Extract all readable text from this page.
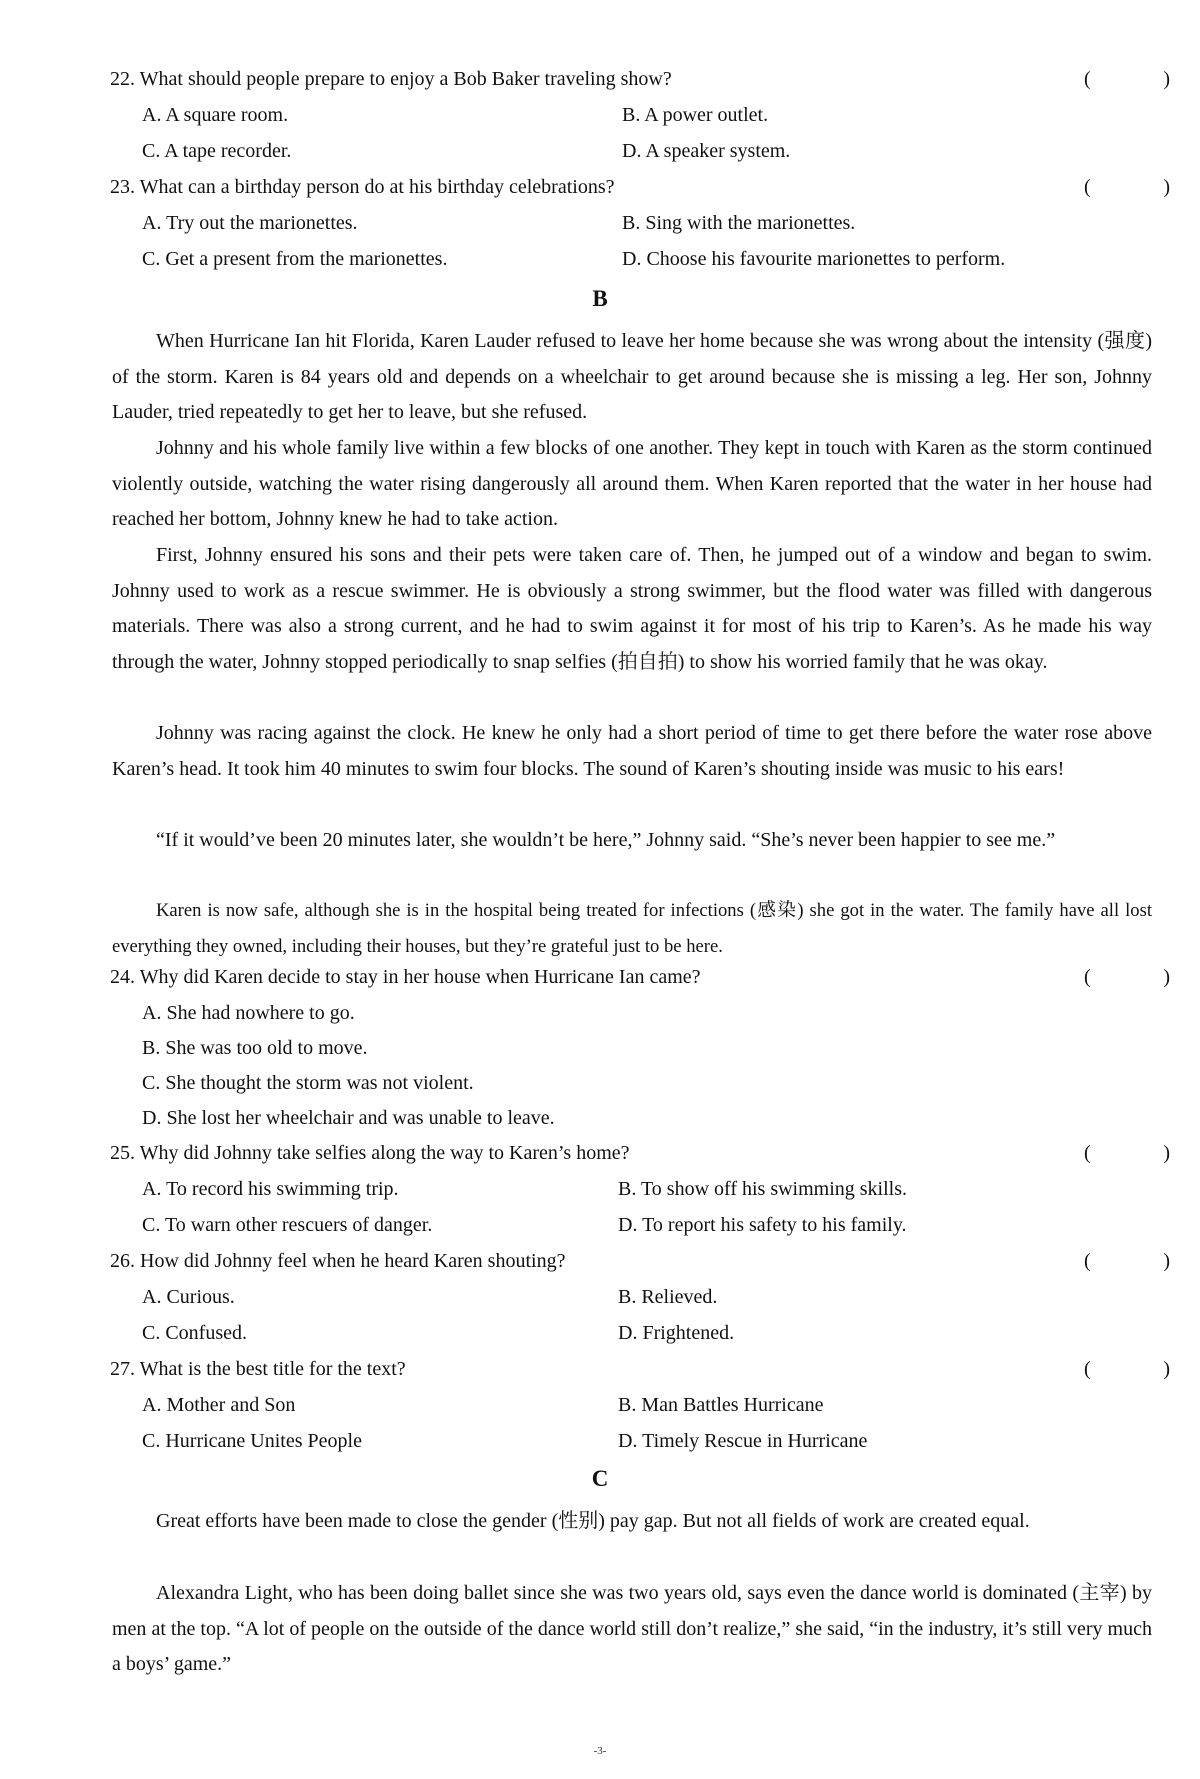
22. What should people prepare to enjoy a Bob Baker traveling show?	(	)
A. A square room.	B. A power outlet.
C. A tape recorder.	D. A speaker system.
23. What can a birthday person do at his birthday celebrations?	(	)
A. Try out the marionettes.	B. Sing with the marionettes.
C. Get a present from the marionettes.	D. Choose his favourite marionettes to perform.
B

When Hurricane Ian hit Florida, Karen Lauder refused to leave her home because she was wrong about the intensity (强度) of the storm. Karen is 84 years old and depends on a wheelchair to get around because she is missing a leg. Her son, Johnny Lauder, tried repeatedly to get her to leave, but she refused.

Johnny and his whole family live within a few blocks of one another. They kept in touch with Karen as the storm continued violently outside, watching the water rising dangerously all around them. When Karen reported that the water in her house had reached her bottom, Johnny knew he had to take action.

First, Johnny ensured his sons and their pets were taken care of. Then, he jumped out of a window and began to swim. Johnny used to work as a rescue swimmer. He is obviously a strong swimmer, but the flood water was filled with dangerous materials. There was also a strong current, and he had to swim against it for most of his trip to Karen’s. As he made his way through the water, Johnny stopped periodically to snap selfies (拍自拍) to show his worried family that he was okay.

Johnny was racing against the clock. He knew he only had a short period of time to get there before the water rose above Karen’s head. It took him 40 minutes to swim four blocks. The sound of Karen’s shouting inside was music to his ears!

“If it would’ve been 20 minutes later, she wouldn’t be here,” Johnny said. “She’s never been happier to see me.”

Karen is now safe, although she is in the hospital being treated for infections (感染) she got in the water. The family have all lost everything they owned, including their houses, but they’re grateful just to be here.

24. Why did Karen decide to stay in her house when Hurricane Ian came?	(	)
A. She had nowhere to go.
B. She was too old to move.
C. She thought the storm was not violent.
D. She lost her wheelchair and was unable to leave.
25. Why did Johnny take selfies along the way to Karen’s home?	(	)
A. To record his swimming trip.	B. To show off his swimming skills.
C. To warn other rescuers of danger.	D. To report his safety to his family.
26. How did Johnny feel when he heard Karen shouting?	(	)
A. Curious.	B. Relieved.
C. Confused.	D. Frightened.
27. What is the best title for the text?	(	)
A. Mother and Son	B. Man Battles Hurricane
C. Hurricane Unites People	D. Timely Rescue in Hurricane
C

Great efforts have been made to close the gender (性别) pay gap. But not all fields of work are created equal.

Alexandra Light, who has been doing ballet since she was two years old, says even the dance world is dominated (主宰) by men at the top. “A lot of people on the outside of the dance world still don’t realize,” she said, “in the industry, it’s still very much a boys’ game.”

-3-
